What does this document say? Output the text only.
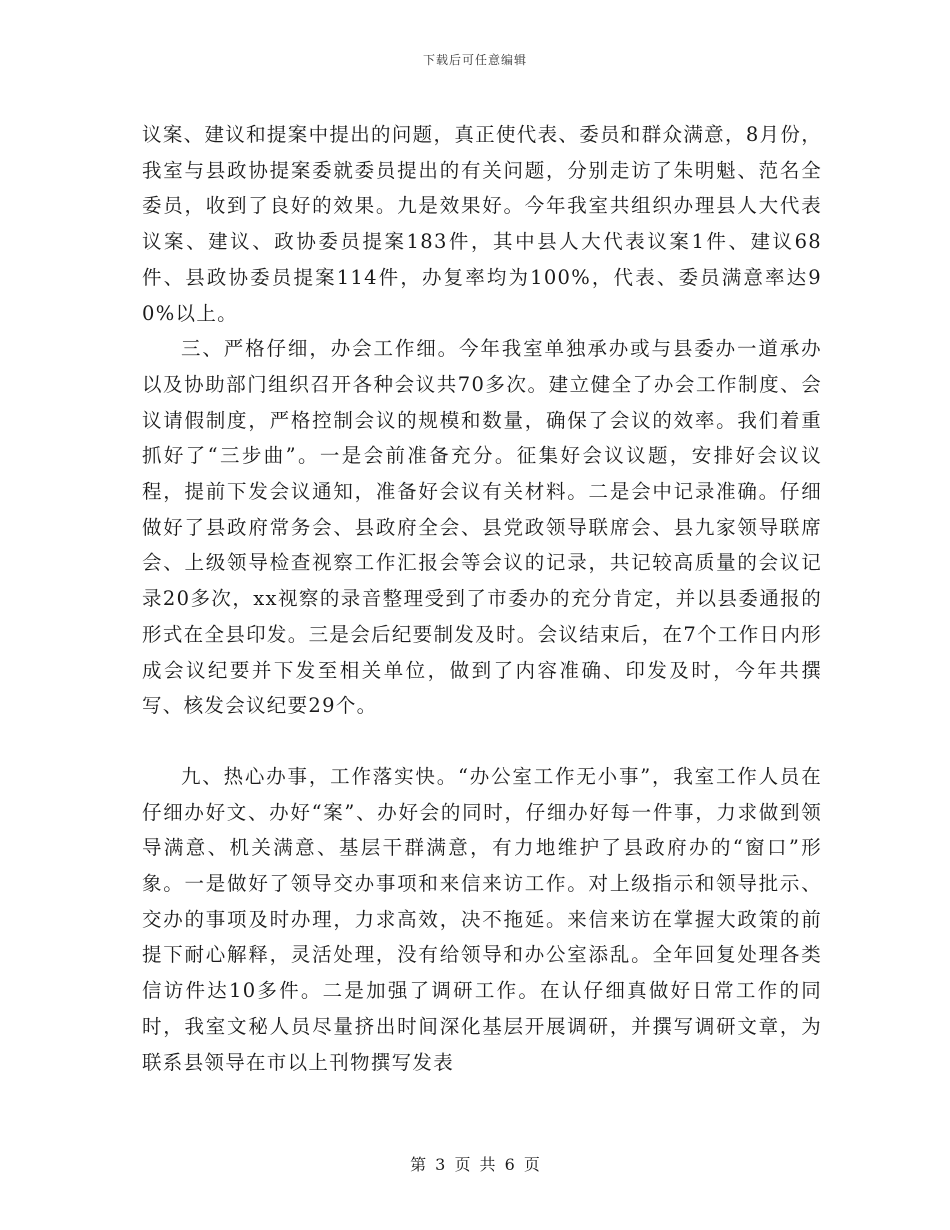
下载后可任意编辑

议案、建议和提案中提出的问题，真正使代表、委员和群众满意，8月份，我室与县政协提案委就委员提出的有关问题，分别走访了朱明魁、范名全委员，收到了良好的效果。九是效果好。今年我室共组织办理县人大代表议案、建议、政协委员提案183件，其中县人大代表议案1件、建议68件、县政协委员提案114件，办复率均为100%，代表、委员满意率达90%以上。

三、严格仔细，办会工作细。今年我室单独承办或与县委办一道承办以及协助部门组织召开各种会议共70多次。建立健全了办会工作制度、会议请假制度，严格控制会议的规模和数量，确保了会议的效率。我们着重抓好了“三步曲”。一是会前准备充分。征集好会议议题，安排好会议议程，提前下发会议通知，准备好会议有关材料。二是会中记录准确。仔细做好了县政府常务会、县政府全会、县党政领导联席会、县九家领导联席会、上级领导检查视察工作汇报会等会议的记录，共记较高质量的会议记录20多次，xx视察的录音整理受到了市委办的充分肯定，并以县委通报的形式在全县印发。三是会后纪要制发及时。会议结束后，在7个工作日内形成会议纪要并下发至相关单位，做到了内容准确、印发及时，今年共撰写、核发会议纪要29个。

九、热心办事，工作落实快。“办公室工作无小事”，我室工作人员在仔细办好文、办好“案”、办好会的同时，仔细办好每一件事，力求做到领导满意、机关满意、基层干群满意，有力地维护了县政府办的“窗口”形象。一是做好了领导交办事项和来信来访工作。对上级指示和领导批示、交办的事项及时办理，力求高效，决不拖延。来信来访在掌握大政策的前提下耐心解释，灵活处理，没有给领导和办公室添乱。全年回复处理各类信访件达10多件。二是加强了调研工作。在认仔细真做好日常工作的同时，我室文秘人员尽量挤出时间深化基层开展调研，并撰写调研文章，为联系县领导在市以上刊物撰写发表

第 3 页 共 6 页
